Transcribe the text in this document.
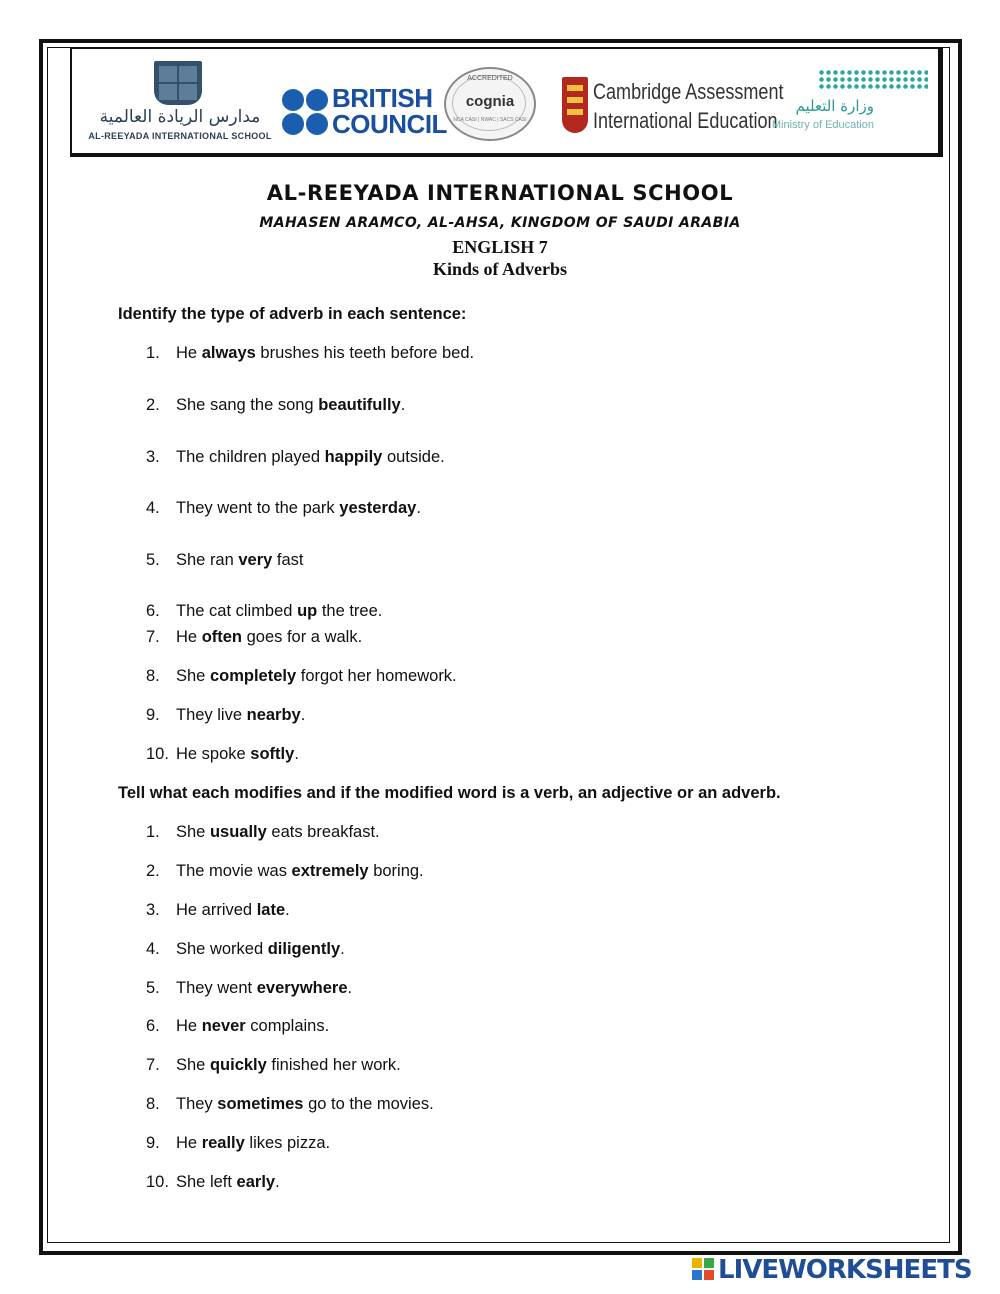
مدارس الريادة العالمية
AL-REEYADA INTERNATIONAL SCHOOL
BRITISH
COUNCIL
ACCREDITED
cognia
NCA CASI | NWAC | SACS CASI
Cambridge Assessment
International Education
وزارة التعليم
Ministry of Education
AL-REEYADA INTERNATIONAL SCHOOL
MAHASEN ARAMCO, AL-AHSA, KINGDOM OF SAUDI ARABIA
ENGLISH 7
Kinds of Adverbs
Identify the type of adverb in each sentence:
1. He always brushes his teeth before bed.
2. She sang the song beautifully.
3. The children played happily outside.
4. They went to the park yesterday.
5. She ran very fast
6. The cat climbed up the tree.
7. He often goes for a walk.
8. She completely forgot her homework.
9. They live nearby.
10. He spoke softly.
Tell what each modifies and if the modified word is a verb, an adjective or an adverb.
1. She usually eats breakfast.
2. The movie was extremely boring.
3. He arrived late.
4. She worked diligently.
5. They went everywhere.
6. He never complains.
7. She quickly finished her work.
8. They sometimes go to the movies.
9. He really likes pizza.
10. She left early.
LIVEWORKSHEETS
